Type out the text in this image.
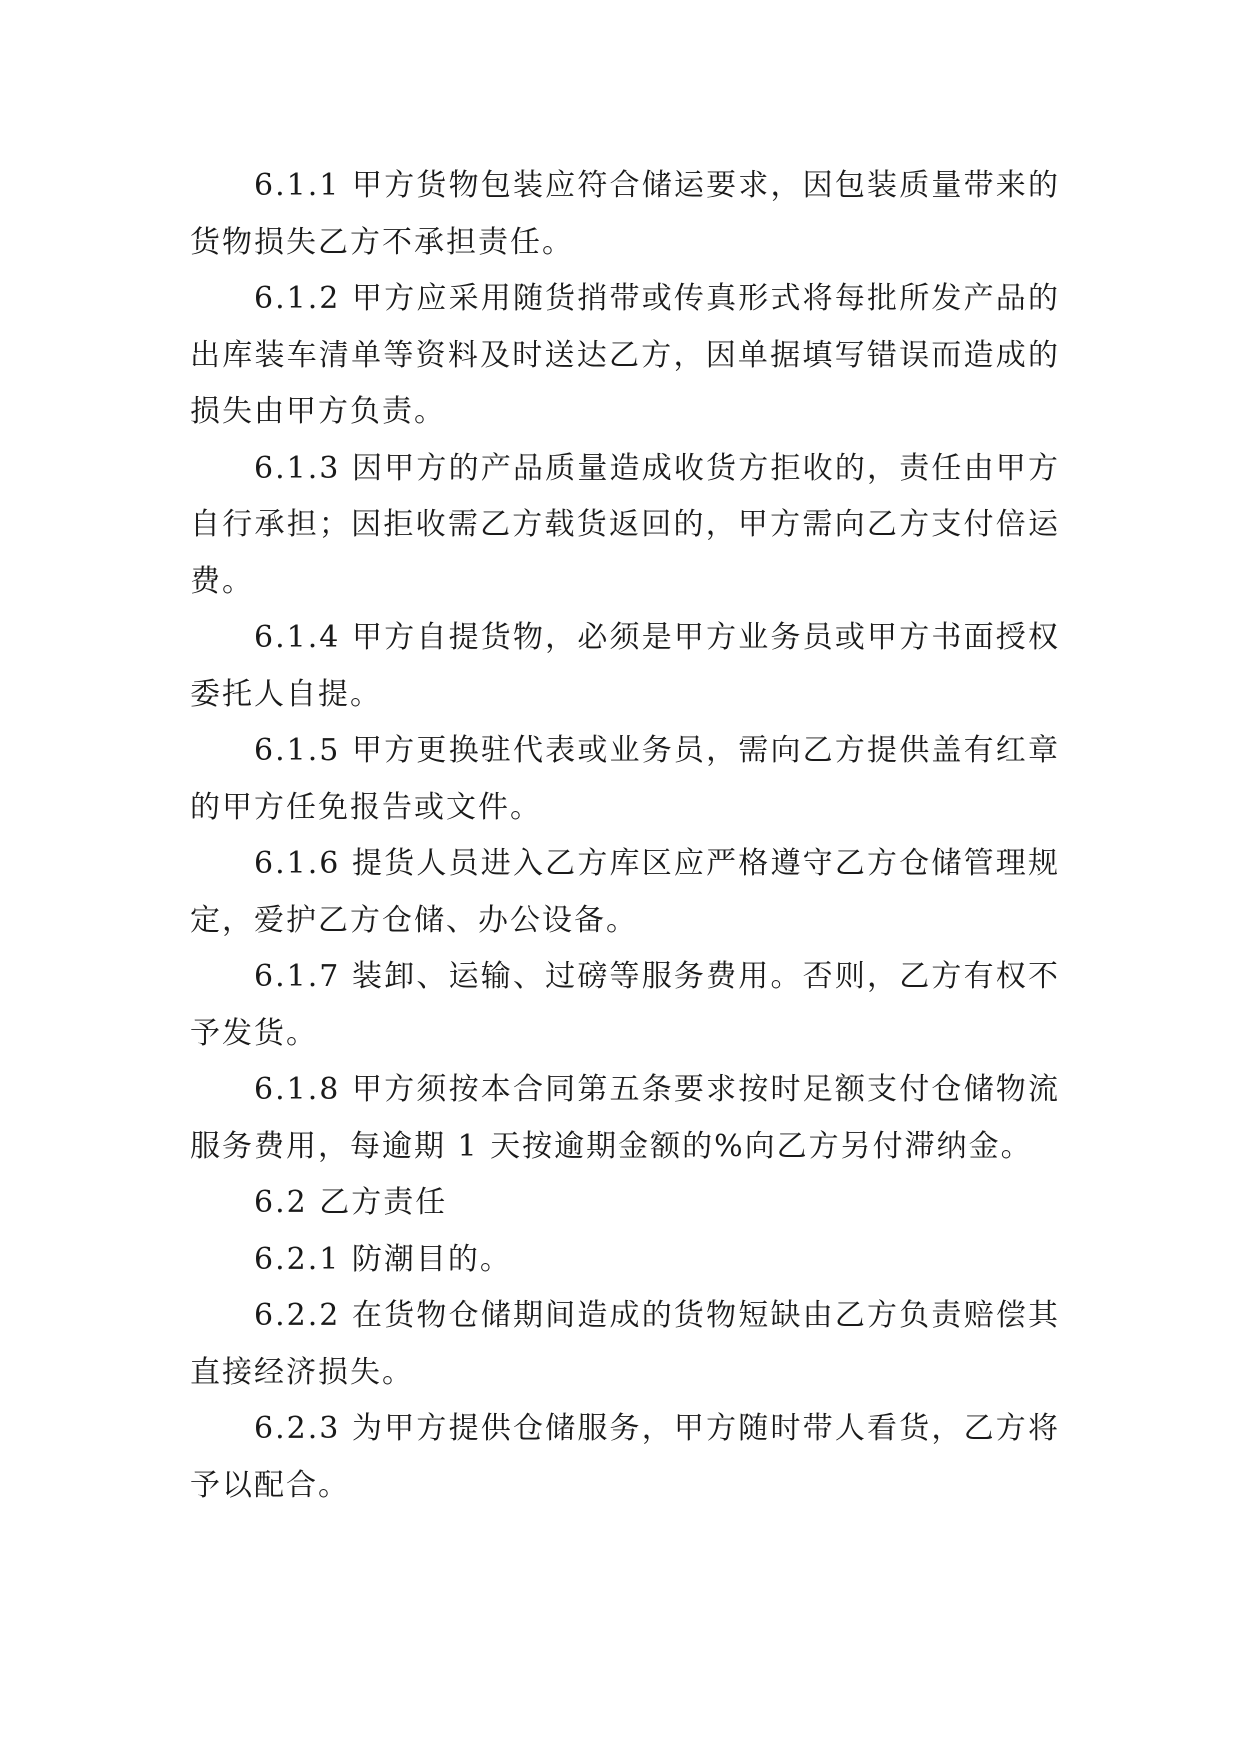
6.1.1 甲方货物包装应符合储运要求，因包装质量带来的货物损失乙方不承担责任。

6.1.2 甲方应采用随货捎带或传真形式将每批所发产品的出库装车清单等资料及时送达乙方，因单据填写错误而造成的损失由甲方负责。

6.1.3 因甲方的产品质量造成收货方拒收的，责任由甲方自行承担；因拒收需乙方载货返回的，甲方需向乙方支付倍运费。

6.1.4 甲方自提货物，必须是甲方业务员或甲方书面授权委托人自提。

6.1.5 甲方更换驻代表或业务员，需向乙方提供盖有红章的甲方任免报告或文件。

6.1.6 提货人员进入乙方库区应严格遵守乙方仓储管理规定，爱护乙方仓储、办公设备。

6.1.7 装卸、运输、过磅等服务费用。否则，乙方有权不予发货。

6.1.8 甲方须按本合同第五条要求按时足额支付仓储物流服务费用，每逾期 1 天按逾期金额的%向乙方另付滞纳金。

6.2 乙方责任

6.2.1 防潮目的。

6.2.2 在货物仓储期间造成的货物短缺由乙方负责赔偿其直接经济损失。

6.2.3 为甲方提供仓储服务，甲方随时带人看货，乙方将予以配合。
